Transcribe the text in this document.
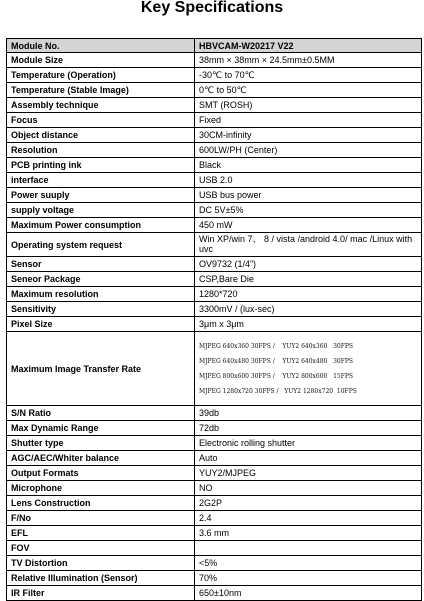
Key Specifications
Module No.	HBVCAM-W20217 V22
Module Size	38mm × 38mm × 24.5mm±0.5MM
Temperature (Operation)	-30℃ to 70℃
Temperature (Stable Image)	0℃ to 50℃
Assembly technique	SMT (ROSH)
Focus	Fixed
Object distance	30CM-infinity
Resolution	600LW/PH (Center)
PCB printing ink	Black
interface	USB 2.0
Power suuply	USB bus power
supply voltage	DC 5V±5%
Maximum Power consumption	450 mW
Operating system request	Win XP/win 7、 8 / vista /android 4.0/ mac /Linux with uvc
Sensor	OV9732 (1/4”)
Seneor Package	CSP,Bare Die
Maximum resolution	1280*720
Sensitivity	3300mV / (lux-sec)
Pixel Size	3μm x 3μm
Maximum Image Transfer Rate	MJPEG 640x360 30FPS /    YUY2 640x360   30FPS
MJPEG 640x480 30FPS /    YUY2 640x480   30FPS
MJPEG 800x600 30FPS /    YUY2 800x600   15FPS
MJPEG 1280x720 30FPS /   YUY2 1280x720  10FPS

S/N Ratio	39db
Max Dynamic Range	72db
Shutter type	Electronic rolling shutter
AGC/AEC/Whiter balance	Auto
Output Formats	YUY2/MJPEG
Microphone	NO
Lens Construction	2G2P
F/No	2.4
EFL	3.6 mm
FOV	
TV Distortion	<5%
Relative Illumination (Sensor)	70%
IR Filter	650±10nm
